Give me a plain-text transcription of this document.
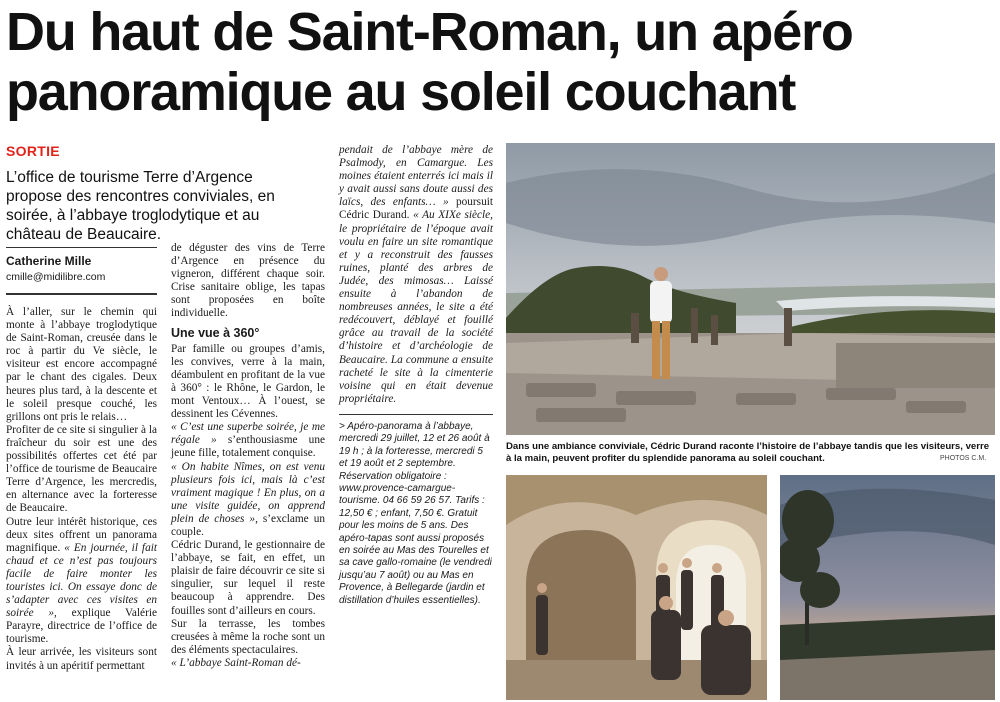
Du haut de Saint-Roman, un apéro
panoramique au soleil couchant
SORTIE
L’office de tourisme Terre d’Argence propose des rencontres conviviales, en soirée, à l’abbaye troglodytique et au château de Beaucaire.
Catherine Mille
cmille@midilibre.com

À l’aller, sur le chemin qui monte à l’abbaye troglodytique de Saint-Roman, creusée dans le roc à partir du Ve siècle, le visiteur est encore accompagné par le chant des cigales. Deux heures plus tard, à la descente et le soleil presque couché, les grillons ont pris le relais…

Profiter de ce site si singulier à la fraîcheur du soir est une des possibilités offertes cet été par l’office de tourisme de Beaucaire Terre d’Argence, les mercredis, en alternance avec la forteresse de Beaucaire.

Outre leur intérêt historique, ces deux sites offrent un panorama magnifique. « En journée, il fait chaud et ce n’est pas toujours facile de faire monter les touristes ici. On essaye donc de s’adapter avec ces visites en soirée », explique Valérie Parayre, directrice de l’office de tourisme.

À leur arrivée, les visiteurs sont invités à un apéritif permettant

de déguster des vins de Terre d’Argence en présence du vigneron, différent chaque soir. Crise sanitaire oblige, les tapas sont proposées en boîte individuelle.

Une vue à 360°

Par famille ou groupes d’amis, les convives, verre à la main, déambulent en profitant de la vue à 360° : le Rhône, le Gardon, le mont Ventoux… À l’ouest, se dessinent les Cévennes.

« C’est une superbe soirée, je me régale » s’enthousiasme une jeune fille, totalement conquise.

« On habite Nîmes, on est venu plusieurs fois ici, mais là c’est vraiment magique ! En plus, on a une visite guidée, on apprend plein de choses », s’exclame un couple.

Cédric Durand, le gestionnaire de l’abbaye, se fait, en effet, un plaisir de faire découvrir ce site si singulier, sur lequel il reste beaucoup à apprendre. Des fouilles sont d’ailleurs en cours.

Sur la terrasse, les tombes creusées à même la roche sont un des éléments spectaculaires.

« L’abbaye Saint-Roman dé-

pendait de l’abbaye mère de Psalmody, en Camargue. Les moines étaient enterrés ici mais il y avait aussi sans doute aussi des laïcs, des enfants… » poursuit Cédric Durand. « Au XIXe siècle, le propriétaire de l’époque avait voulu en faire un site romantique et y a reconstruit des fausses ruines, planté des arbres de Judée, des mimosas… Laissé ensuite à l’abandon de nombreuses années, le site a été redécouvert, déblayé et fouillé grâce au travail de la société d’histoire et d’archéologie de Beaucaire. La commune a ensuite racheté le site à la cimenterie voisine qui en était devenue propriétaire.

> Apéro-panorama à l’abbaye, mercredi 29 juillet, 12 et 26 août à 19 h ; à la forteresse, mercredi 5 et 19 août et 2 septembre. Réservation obligatoire : www.provence-camargue-tourisme. 04 66 59 26 57. Tarifs : 12,50 € ; enfant, 7,50 €. Gratuit pour les moins de 5 ans. Des apéro-tapas sont aussi proposés en soirée au Mas des Tourelles et sa cave gallo-romaine (le vendredi jusqu’au 7 août) ou au Mas en Provence, à Bellegarde (jardin et distillation d’huiles essentielles).

Dans une ambiance conviviale, Cédric Durand raconte l’histoire de l’abbaye tandis que les visiteurs, verre à la main, peuvent profiter du splendide panorama au soleil couchant.	PHOTOS C.M.
